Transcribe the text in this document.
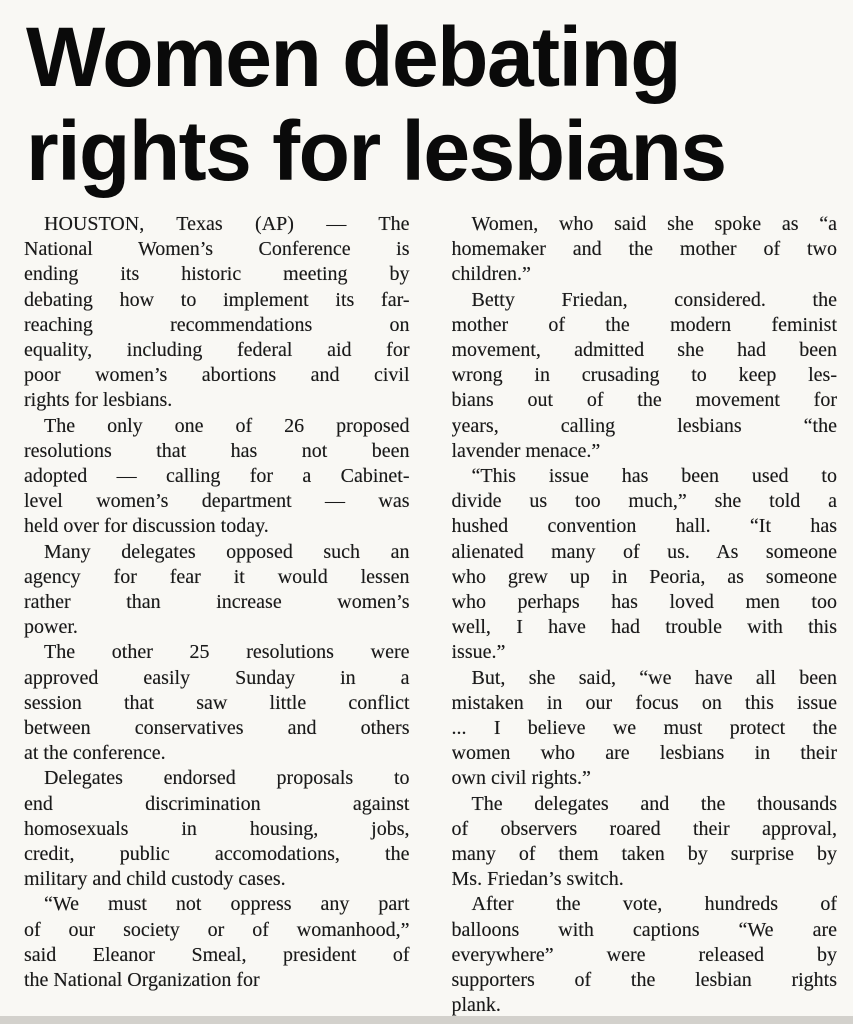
Women debating
rights for lesbians
HOUSTON, Texas (AP) — The
National Women’s Conference is
ending its historic meeting by
debating how to implement its far-
reaching recommendations on
equality, including federal aid for
poor women’s abortions and civil
rights for lesbians.
The only one of 26 proposed
resolutions that has not been
adopted — calling for a Cabinet-
level women’s department — was
held over for discussion today.
Many delegates opposed such an
agency for fear it would lessen
rather than increase women’s
power.
The other 25 resolutions were
approved easily Sunday in a
session that saw little conflict
between conservatives and others
at the conference.
Delegates endorsed proposals to
end discrimination against
homosexuals in housing, jobs,
credit, public accomodations, the
military and child custody cases.
“We must not oppress any part
of our society or of womanhood,”
said Eleanor Smeal, president of
the National Organization for
Women, who said she spoke as “a
homemaker and the mother of two
children.”
Betty Friedan, considered. the
mother of the modern feminist
movement, admitted she had been
wrong in crusading to keep les-
bians out of the movement for
years, calling lesbians “the
lavender menace.”
“This issue has been used to
divide us too much,” she told a
hushed convention hall. “It has
alienated many of us. As someone
who grew up in Peoria, as someone
who perhaps has loved men too
well, I have had trouble with this
issue.”
But, she said, “we have all been
mistaken in our focus on this issue
... I believe we must protect the
women who are lesbians in their
own civil rights.”
The delegates and the thousands
of observers roared their approval,
many of them taken by surprise by
Ms. Friedan’s switch.
After the vote, hundreds of
balloons with captions “We are
everywhere” were released by
supporters of the lesbian rights
plank.
